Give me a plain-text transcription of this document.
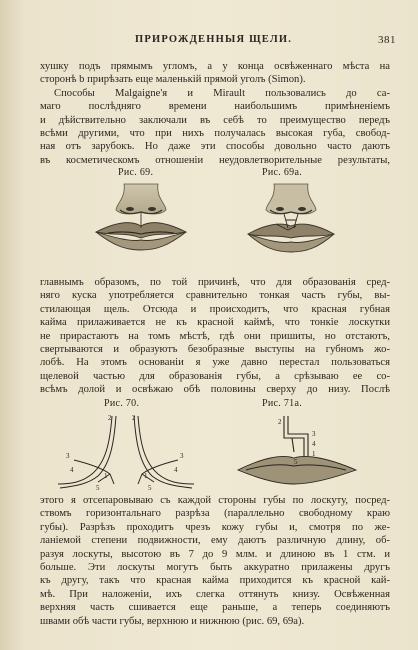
ПРИРОЖДЕННЫЯ ЩЕЛИ.	381
хушку подъ прямымъ угломъ, а у конца освѣженнаго мѣста на
сторонѣ b прирѣзать еще маленькій прямой уголъ (Simon).
Способы Malgaigne'я и Mirault пользовались до са-
маго послѣдняго времени наибольшимъ примѣненіемъ
и дѣйствительно заключали въ себѣ то преимущество передъ
всѣми другими, что при нихъ получалась высокая губа, свобод-
ная отъ зарубокъ. Но даже эти способы довольно часто даютъ
въ косметическомъ отношеніи неудовлетворительные результаты,
Рис. 69.	Рис. 69а.
главнымъ образомъ, по той причинѣ, что для образованія сред-
няго куска употребляется сравнительно тонкая часть губы, вы-
стилающая щель. Отсюда и происходитъ, что красная губная
кайма прилаживается не къ красной каймѣ, что тонкіе лоскутки
не прирастаютъ на томъ мѣстѣ, гдѣ они пришиты, но отстаютъ,
свертываются и образуютъ безобразные выступы на губномъ жо-
лобѣ. На этомъ основаніи я уже давно перестал пользоваться
щелевой частью для образованія губы, а срѣзываю ее со-
всѣмъ долой и освѣжаю обѣ половины сверху до низу. Послѣ
Рис. 70.	Рис. 71а.
2
3
4
1
5
2
3
4
1
5
2
3
4
1
5
этого я отсепаровываю съ каждой стороны губы по лоскуту, посред-
ствомъ горизонтальнаго разрѣза (параллельно свободному краю
губы). Разрѣзъ проходитъ чрезъ кожу губы и, смотря по же-
ланіемой степени подвижности, ему даютъ различную длину, об-
разуя лоскуты, высотою въ 7 до 9 млм. и длиною въ 1 стм. и
больше. Эти лоскуты могутъ быть аккуратно прилажены другъ
къ другу, такъ что красная кайма приходится къ красной кай-
мѣ. При наложеніи, ихъ слегка оттянуть книзу. Освѣженная
верхняя часть сшивается еще раньше, а теперь соединяютъ
швами обѣ части губы, верхнюю и нижнюю (рис. 69, 69а).
